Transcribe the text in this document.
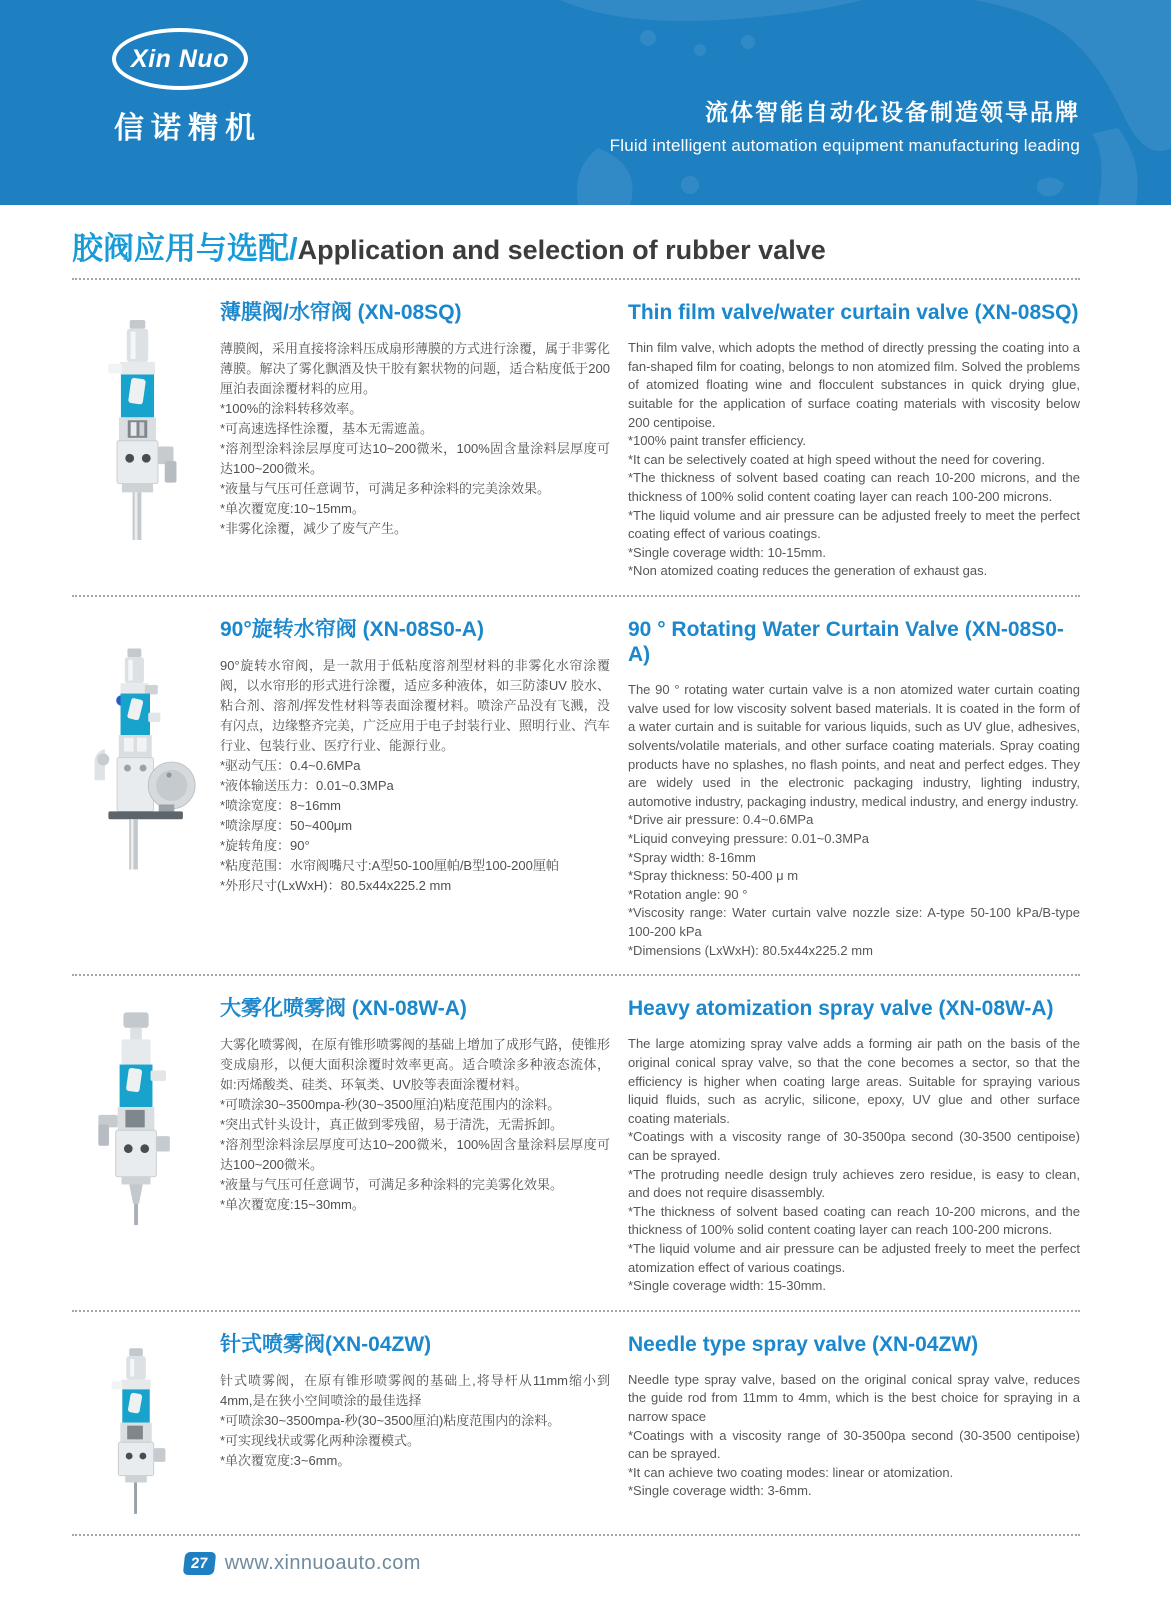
Xin Nuo
信诺精机	流体智能自动化设备制造领导品牌
Fluid intelligent automation equipment manufacturing leading
胶阀应用与选配/Application and selection of rubber valve
薄膜阀/水帘阀 (XN-08SQ)

薄膜阀，采用直接将涂料压成扇形薄膜的方式进行涂覆，属于非雾化薄膜。解决了雾化飘酒及快干胶有絮状物的问题，适合粘度低于200厘泊表面涂覆材料的应用。

*100%的涂料转移效率。

*可高速选择性涂覆，基本无需遮盖。

*溶剂型涂料涂层厚度可达10~200微米，100%固含量涂料层厚度可达100~200微米。

*液量与气压可任意调节，可满足多种涂料的完美涂效果。

*单次覆宽度:10~15mm。

*非雾化涂覆，减少了废气产生。

Thin film valve/water curtain valve (XN-08SQ)

Thin film valve, which adopts the method of directly pressing the coating into a fan-shaped film for coating, belongs to non atomized film. Solved the problems of atomized floating wine and flocculent substances in quick drying glue, suitable for the application of surface coating materials with viscosity below 200 centipoise.

*100% paint transfer efficiency.

*It can be selectively coated at high speed without the need for covering.

*The thickness of solvent based coating can reach 10-200 microns, and the thickness of 100% solid content coating layer can reach 100-200 microns.

*The liquid volume and air pressure can be adjusted freely to meet the perfect coating effect of various coatings.

*Single coverage width: 10-15mm.

*Non atomized coating reduces the generation of exhaust gas.

90°旋转水帘阀 (XN-08S0-A)

90°旋转水帘阀，是一款用于低粘度溶剂型材料的非雾化水帘涂覆阀，以水帘形的形式进行涂覆，适应多种液体，如三防漆UV 胶水、粘合剂、溶剂/挥发性材料等表面涂覆材料。喷涂产品没有飞溅，没有闪点，边缘整齐完美，广泛应用于电子封装行业、照明行业、汽车行业、包装行业、医疗行业、能源行业。

*驱动气压：0.4~0.6MPa

*液体输送压力：0.01~0.3MPa

*喷涂宽度：8~16mm

*喷涂厚度：50~400μm

*旋转角度：90°

*粘度范围：水帘阀嘴尺寸:A型50-100厘帕/B型100-200厘帕

*外形尺寸(LxWxH)：80.5x44x225.2 mm

90 ° Rotating Water Curtain Valve (XN-08S0-A)

The 90 ° rotating water curtain valve is a non atomized water curtain coating valve used for low viscosity solvent based materials. It is coated in the form of a water curtain and is suitable for various liquids, such as UV glue, adhesives, solvents/volatile materials, and other surface coating materials. Spray coating products have no splashes, no flash points, and neat and perfect edges. They are widely used in the electronic packaging industry, lighting industry, automotive industry, packaging industry, medical industry, and energy industry.

*Drive air pressure: 0.4~0.6MPa

*Liquid conveying pressure: 0.01~0.3MPa

*Spray width: 8-16mm

*Spray thickness: 50-400 μ m

*Rotation angle: 90 °

*Viscosity range: Water curtain valve nozzle size: A-type 50-100 kPa/B-type 100-200 kPa

*Dimensions (LxWxH): 80.5x44x225.2 mm

大雾化喷雾阀 (XN-08W-A)

大雾化喷雾阀，在原有锥形喷雾阀的基础上增加了成形气路，使锥形变成扇形，以便大面积涂覆时效率更高。适合喷涂多种液态流体，如:丙烯酸类、硅类、环氧类、UV胶等表面涂覆材料。

*可喷涂30~3500mpa-秒(30~3500厘泊)粘度范围内的涂料。

*突出式针头设计，真正做到零残留，易于清洗，无需拆卸。

*溶剂型涂料涂层厚度可达10~200微米，100%固含量涂料层厚度可达100~200微米。

*液量与气压可任意调节，可满足多种涂料的完美雾化效果。

*单次覆宽度:15~30mm。

Heavy atomization spray valve (XN-08W-A)

The large atomizing spray valve adds a forming air path on the basis of the original conical spray valve, so that the cone becomes a sector, so that the efficiency is higher when coating large areas. Suitable for spraying various liquid fluids, such as acrylic, silicone, epoxy, UV glue and other surface coating materials.

*Coatings with a viscosity range of 30-3500pa second (30-3500 centipoise) can be sprayed.

*The protruding needle design truly achieves zero residue, is easy to clean, and does not require disassembly.

*The thickness of solvent based coating can reach 10-200 microns, and the thickness of 100% solid content coating layer can reach 100-200 microns.

*The liquid volume and air pressure can be adjusted freely to meet the perfect atomization effect of various coatings.

*Single coverage width: 15-30mm.

针式喷雾阀(XN-04ZW)

针式喷雾阀，在原有锥形喷雾阀的基础上,将导杆从11mm缩小到4mm,是在狭小空间喷涂的最佳选择

*可喷涂30~3500mpa-秒(30~3500厘泊)粘度范围内的涂料。

*可实现线状或雾化两种涂覆模式。

*单次覆宽度:3~6mm。

Needle type spray valve (XN-04ZW)

Needle type spray valve, based on the original conical spray valve, reduces the guide rod from 11mm to 4mm, which is the best choice for spraying in a narrow space

*Coatings with a viscosity range of 30-3500pa second (30-3500 centipoise) can be sprayed.

*It can achieve two coating modes: linear or atomization.

*Single coverage width: 3-6mm.

27 www.xinnuoauto.com
